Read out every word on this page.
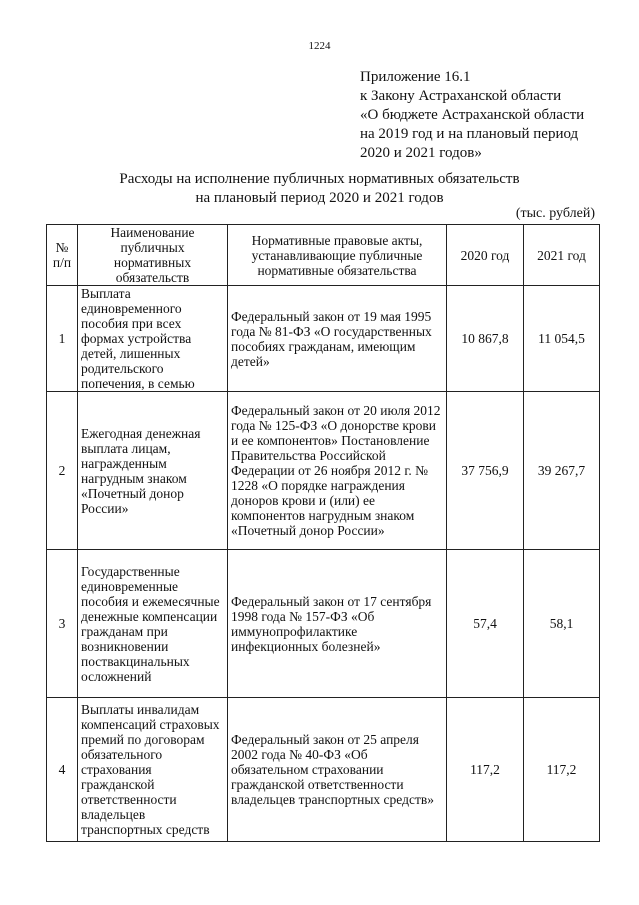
1224
Приложение 16.1
к Закону Астраханской области
«О бюджете Астраханской области
на 2019 год и на плановый период
2020 и 2021 годов»
Расходы на исполнение публичных нормативных обязательств
на плановый период 2020 и 2021 годов
(тыс. рублей)
№ п/п	Наименование публичных нормативных обязательств	Нормативные правовые акты, устанавливающие публичные нормативные обязательства	2020 год	2021 год
1	Выплата единовременного пособия при всех формах устройства детей, лишенных родительского попечения, в семью	Федеральный закон от 19 мая 1995 года № 81-ФЗ «О государственных пособиях гражданам, имеющим детей»	10 867,8	11 054,5
2	Ежегодная денежная выплата лицам, награжденным нагрудным знаком «Почетный донор России»	Федеральный закон от 20 июля 2012 года № 125-ФЗ «О донорстве крови и ее компонентов» Постановление Правительства Российской Федерации от 26 ноября 2012 г. № 1228 «О порядке награждения доноров крови и (или) ее компонентов нагрудным знаком «Почетный донор России»	37 756,9	39 267,7
3	Государственные единовременные пособия и ежемесячные денежные компенсации гражданам при возникновении поствакцинальных осложнений	Федеральный закон от 17 сентября 1998 года № 157-ФЗ «Об иммунопрофилактике инфекционных болезней»	57,4	58,1
4	Выплаты инвалидам компенсаций страховых премий по договорам обязательного страхования гражданской ответственности владельцев транспортных средств	Федеральный закон от 25 апреля 2002 года № 40-ФЗ «Об обязательном страховании гражданской ответственности владельцев транспортных средств»	117,2	117,2
